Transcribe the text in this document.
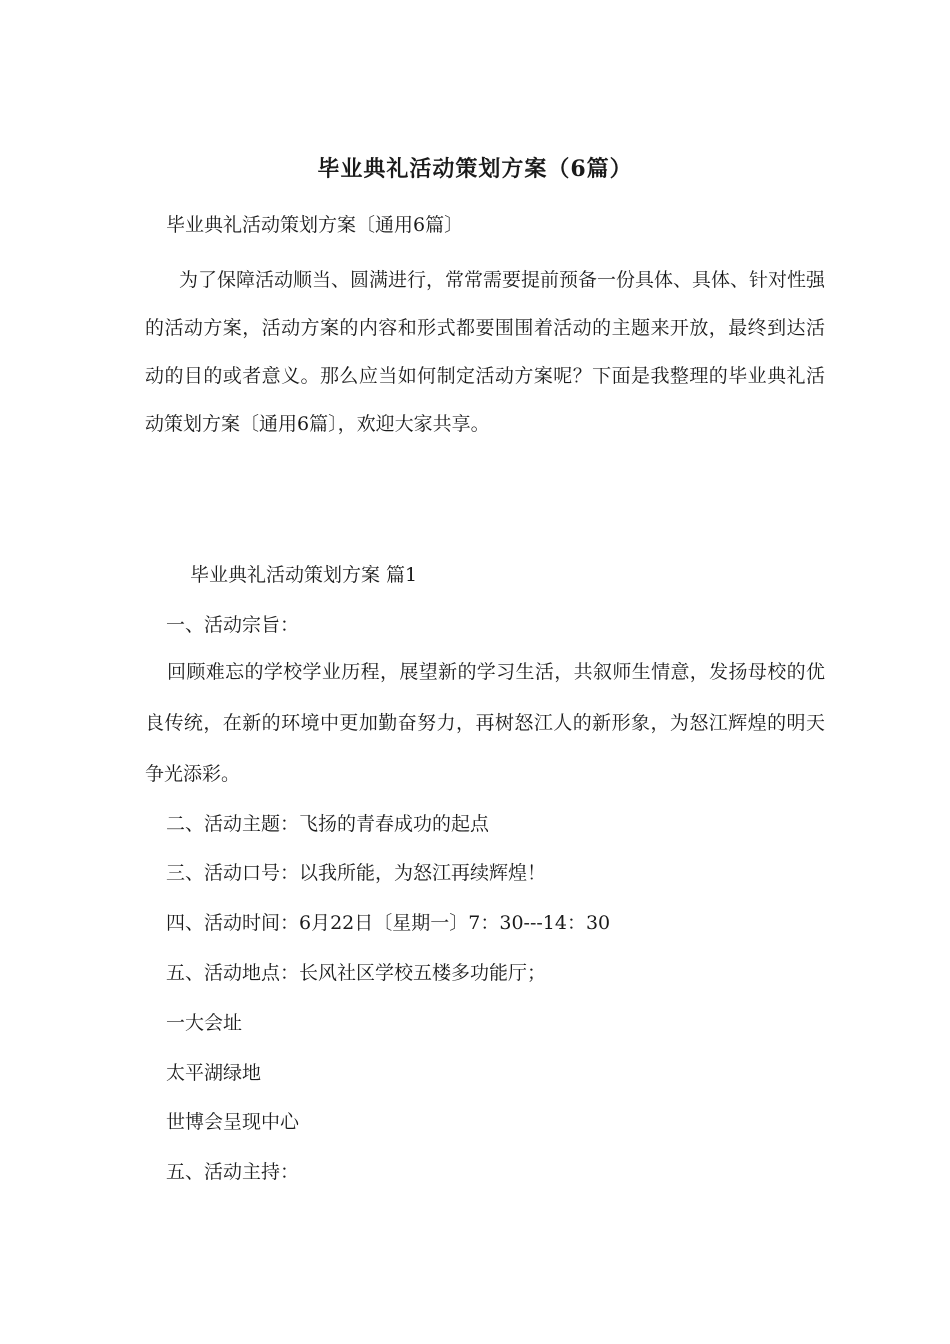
毕业典礼活动策划方案（6篇）
毕业典礼活动策划方案〔通用6篇〕
为了保障活动顺当、圆满进行，常常需要提前预备一份具体、具体、针对性强的活动方案，活动方案的内容和形式都要围围着活动的主题来开放，最终到达活动的目的或者意义。那么应当如何制定活动方案呢？下面是我整理的毕业典礼活动策划方案〔通用6篇〕，欢迎大家共享。
毕业典礼活动策划方案 篇1
一、活动宗旨：
回顾难忘的学校学业历程，展望新的学习生活，共叙师生情意，发扬母校的优良传统，在新的环境中更加勤奋努力，再树怒江人的新形象，为怒江辉煌的明天争光添彩。
二、活动主题：飞扬的青春成功的起点
三、活动口号：以我所能，为怒江再续辉煌！
四、活动时间：6月22日〔星期一〕7：30---14：30
五、活动地点：长风社区学校五楼多功能厅；
一大会址
太平湖绿地
世博会呈现中心
五、活动主持：
